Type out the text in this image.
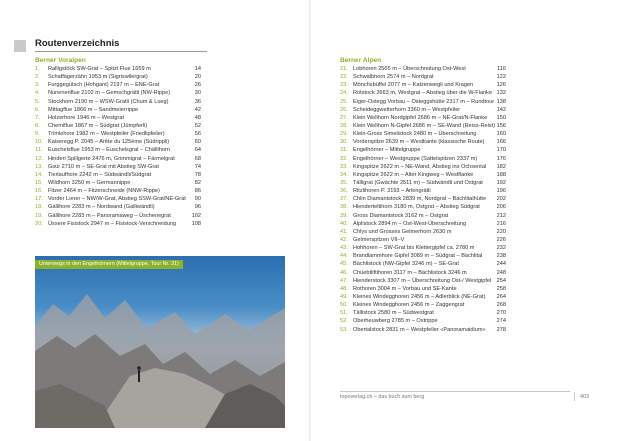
Routenverzeichnis
Berner Voralpen
1.	Ralligstöck SW-Grat – Spitzi Flue 1659 m	14
2.	Schaffägerzähn 1953 m (Sigriswilergrat)	20
3.	Furggegütsch (Hohgant) 2197 m – ENE-Grat	26
4.	Nünenenflue 2102 m – Gemschgrätli (NW-Rippe)	30
5.	Stockhorn 2190 m – WSW-Grätli (Chum & Lueg)	36
6.	Mittagflue 1866 m – Sandmeierrippe	42
7.	Holzerhore 1946 m – Westgrat	48
8.	Chemiflue 1867 m – Südgrat (Jümpferli)	52
9.	Trimlehore 1982 m – Westpfeiler (Friedlipfeiler)	56
10. Kaiseregg P. 2045 – Arête du 125ème (Südrippli)	60
11.	Euschelsflue 1953 m – Euschelsgrat – Chällihorn	64
12. Hinderi Spillgerte 2476 m, Grimmigrat – Färmelgrat	68
13. Gsür 2710 m – SE-Grat mit Abstieg SW-Grat	74
14. Tierlaufhore 2242 m – Südwändli/Südgrat	78
15. Wildhorn 3250 m – Germannippe	82
16. Fitzer 2464 m – Fitzerschneide (NNW-Rippe)	86
17. Vorder Loner – NW/W-Grat, Abstieg SSW-Grat/NE-Grat 90
18. Gällihore 2283 m – Nordwand (Galliwändli)	96
19. Gällihore 2283 m – Panoramaweg – Üschenegrat	102
20. Üssere Fisistock 2947 m – Fisistock-Verschneidung	108
Berner Alpen
21. Lobhoren 2565 m – Überschreitung Ost-West	116
22. Schwalbhorn 2574 m – Nordgrat	122
23. Mönchsbüffel 2077 m – Katzenwegli und Kragen	126
24. Rotstock 2663 m, Westgrat – Abstieg über die W-Flanke 132
25. Eiger-Ostegg Vorbau – Osteggshütte 2317 m – Rundtour 138
26. Scheideggwetterhorn 3360 m – Westpfeiler	142
27. Klein Wellhorn Nordgipfel 2686 m – NE-Grat/N-Flanke 150
28. Klein Wellhorn N-Gipfel 2686 m – SE-Wand (Reiss-Reist) 156
29. Klein-Gross Simelistock 2480 m – Überschreitung	160
30. Vorderspitze 2639 m – Westkante (klassische Route) 166
31. Engelhörner – Mittelgruppe	170
32. Engelhörner – Westgruppe (Sattelspitzen 2337 m)	176
33. Kingspitze 2622 m – NE-Wand, Abstieg ins Ochsental 182
34. Kingspitze 2622 m – Alter Kingweg – Westflanke	188
35. Tälligrat (Gwächte 2511 m) – Südwändli und Ostgrat 192
36. Ritzlihoren P. 3193 – Arlengrätli	196
37. Chlin Diamantstock 2839 m, Nordgrat – Bächlitalhütte 202
38. Hienderteltihorn 3180 m, Ostgrat – Abstieg Südgrat	206
39. Gross Diamantstock 3162 m – Ostgrat	212
40. Alplistock 2894 m – Ost-West-Überschreitung	216
41. Chlys und Grosses Gelmerhorn 2630 m	220
42. Gelmerspitzen VII–V	226
43. Hohhoren – SW-Grat bis Klettergipfel ca. 2780 m	232
44. Brandlammhore Gipfel 3089 m – Südgrat – Bächlital	238
45. Bächlistock (NW-Gipfel 3246 m) – SE-Grat	244
46. Chüebtliftihoren 3117 m – Bächlistock 3246 m	248
47. Hienderstock 3307 m – Überschreitung Ost-/ Westgipfel 254
48. Rothoren 3004 m – Vorbau und SE-Kante	258
49. Kleines Windegghoren 2456 m – Adlerblick (NE-Grat) 264
50. Kleines Windegghoren 2456 m – Zaggengrat	268
51. Tällistock 2580 m – Südwestgrat	270
52. Oberheuwberg 2785 m – Ostrippe	274
53. Obertalstock 2831 m – Westpfeiler «Panoramaidium» 278
Unterwegs in den Engelhörnern (Mittelgruppe, Tour Nr. 31)
topoverlag.ch – das buch zum berg	403
